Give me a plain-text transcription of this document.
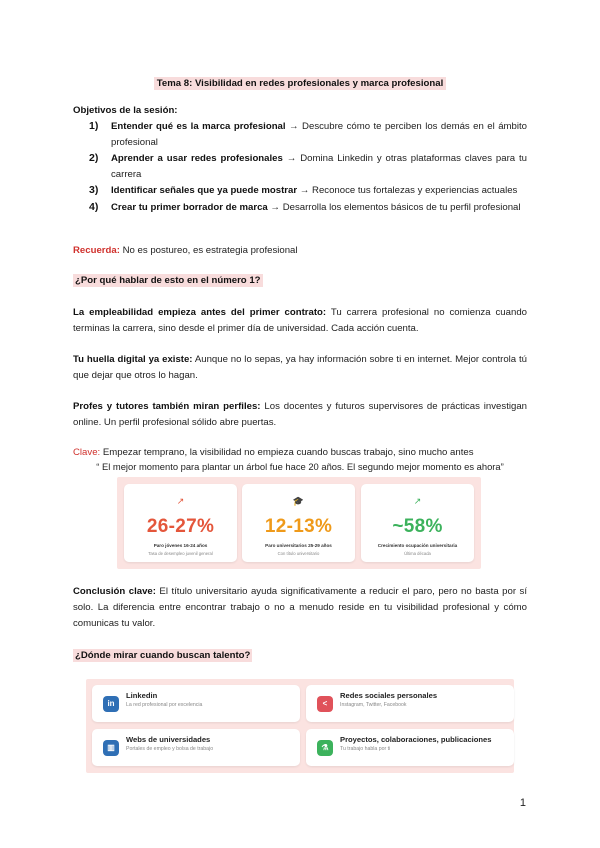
Tema 8: Visibilidad en redes profesionales y marca profesional
Objetivos de la sesión:
1) Entender qué es la marca profesional → Descubre cómo te perciben los demás en el ámbito profesional
2) Aprender a usar redes profesionales → Domina Linkedin y otras plataformas claves para tu carrera
3) Identificar señales que ya puede mostrar → Reconoce tus fortalezas y experiencias actuales
4) Crear tu primer borrador de marca → Desarrolla los elementos básicos de tu perfil profesional
Recuerda: No es postureo, es estrategia profesional
¿Por qué hablar de esto en el número 1?
La empleabilidad empieza antes del primer contrato: Tu carrera profesional no comienza cuando terminas la carrera, sino desde el primer día de universidad. Cada acción cuenta.
Tu huella digital ya existe: Aunque no lo sepas, ya hay información sobre ti en internet. Mejor controla tú que dejar que otros lo hagan.
Profes y tutores también miran perfiles: Los docentes y futuros supervisores de prácticas investigan online. Un perfil profesional sólido abre puertas.
Clave: Empezar temprano, la visibilidad no empieza cuando buscas trabajo, sino mucho antes
“ El mejor momento para plantar un árbol fue hace 20 años. El segundo mejor momento es ahora”
↗
26-27%
Paro jóvenes 16-24 años
Tasa de desempleo juvenil general
🎓
12-13%
Paro universitarios 25-29 años
Con título universitario
↗
~58%
Crecimiento ocupación universitaria
Última década
Conclusión clave: El título universitario ayuda significativamente a reducir el paro, pero no basta por sí solo. La diferencia entre encontrar trabajo o no a menudo reside en tu visibilidad profesional y cómo comunicas tu valor.
¿Dónde mirar cuando buscan talento?
in
Linkedin
La red profesional por excelencia	<
Redes sociales personales
Instagram, Twitter, Facebook
▥
Webs de universidades
Portales de empleo y bolsa de trabajo	⚗
Proyectos, colaboraciones, publicaciones
Tu trabajo habla por ti
1
